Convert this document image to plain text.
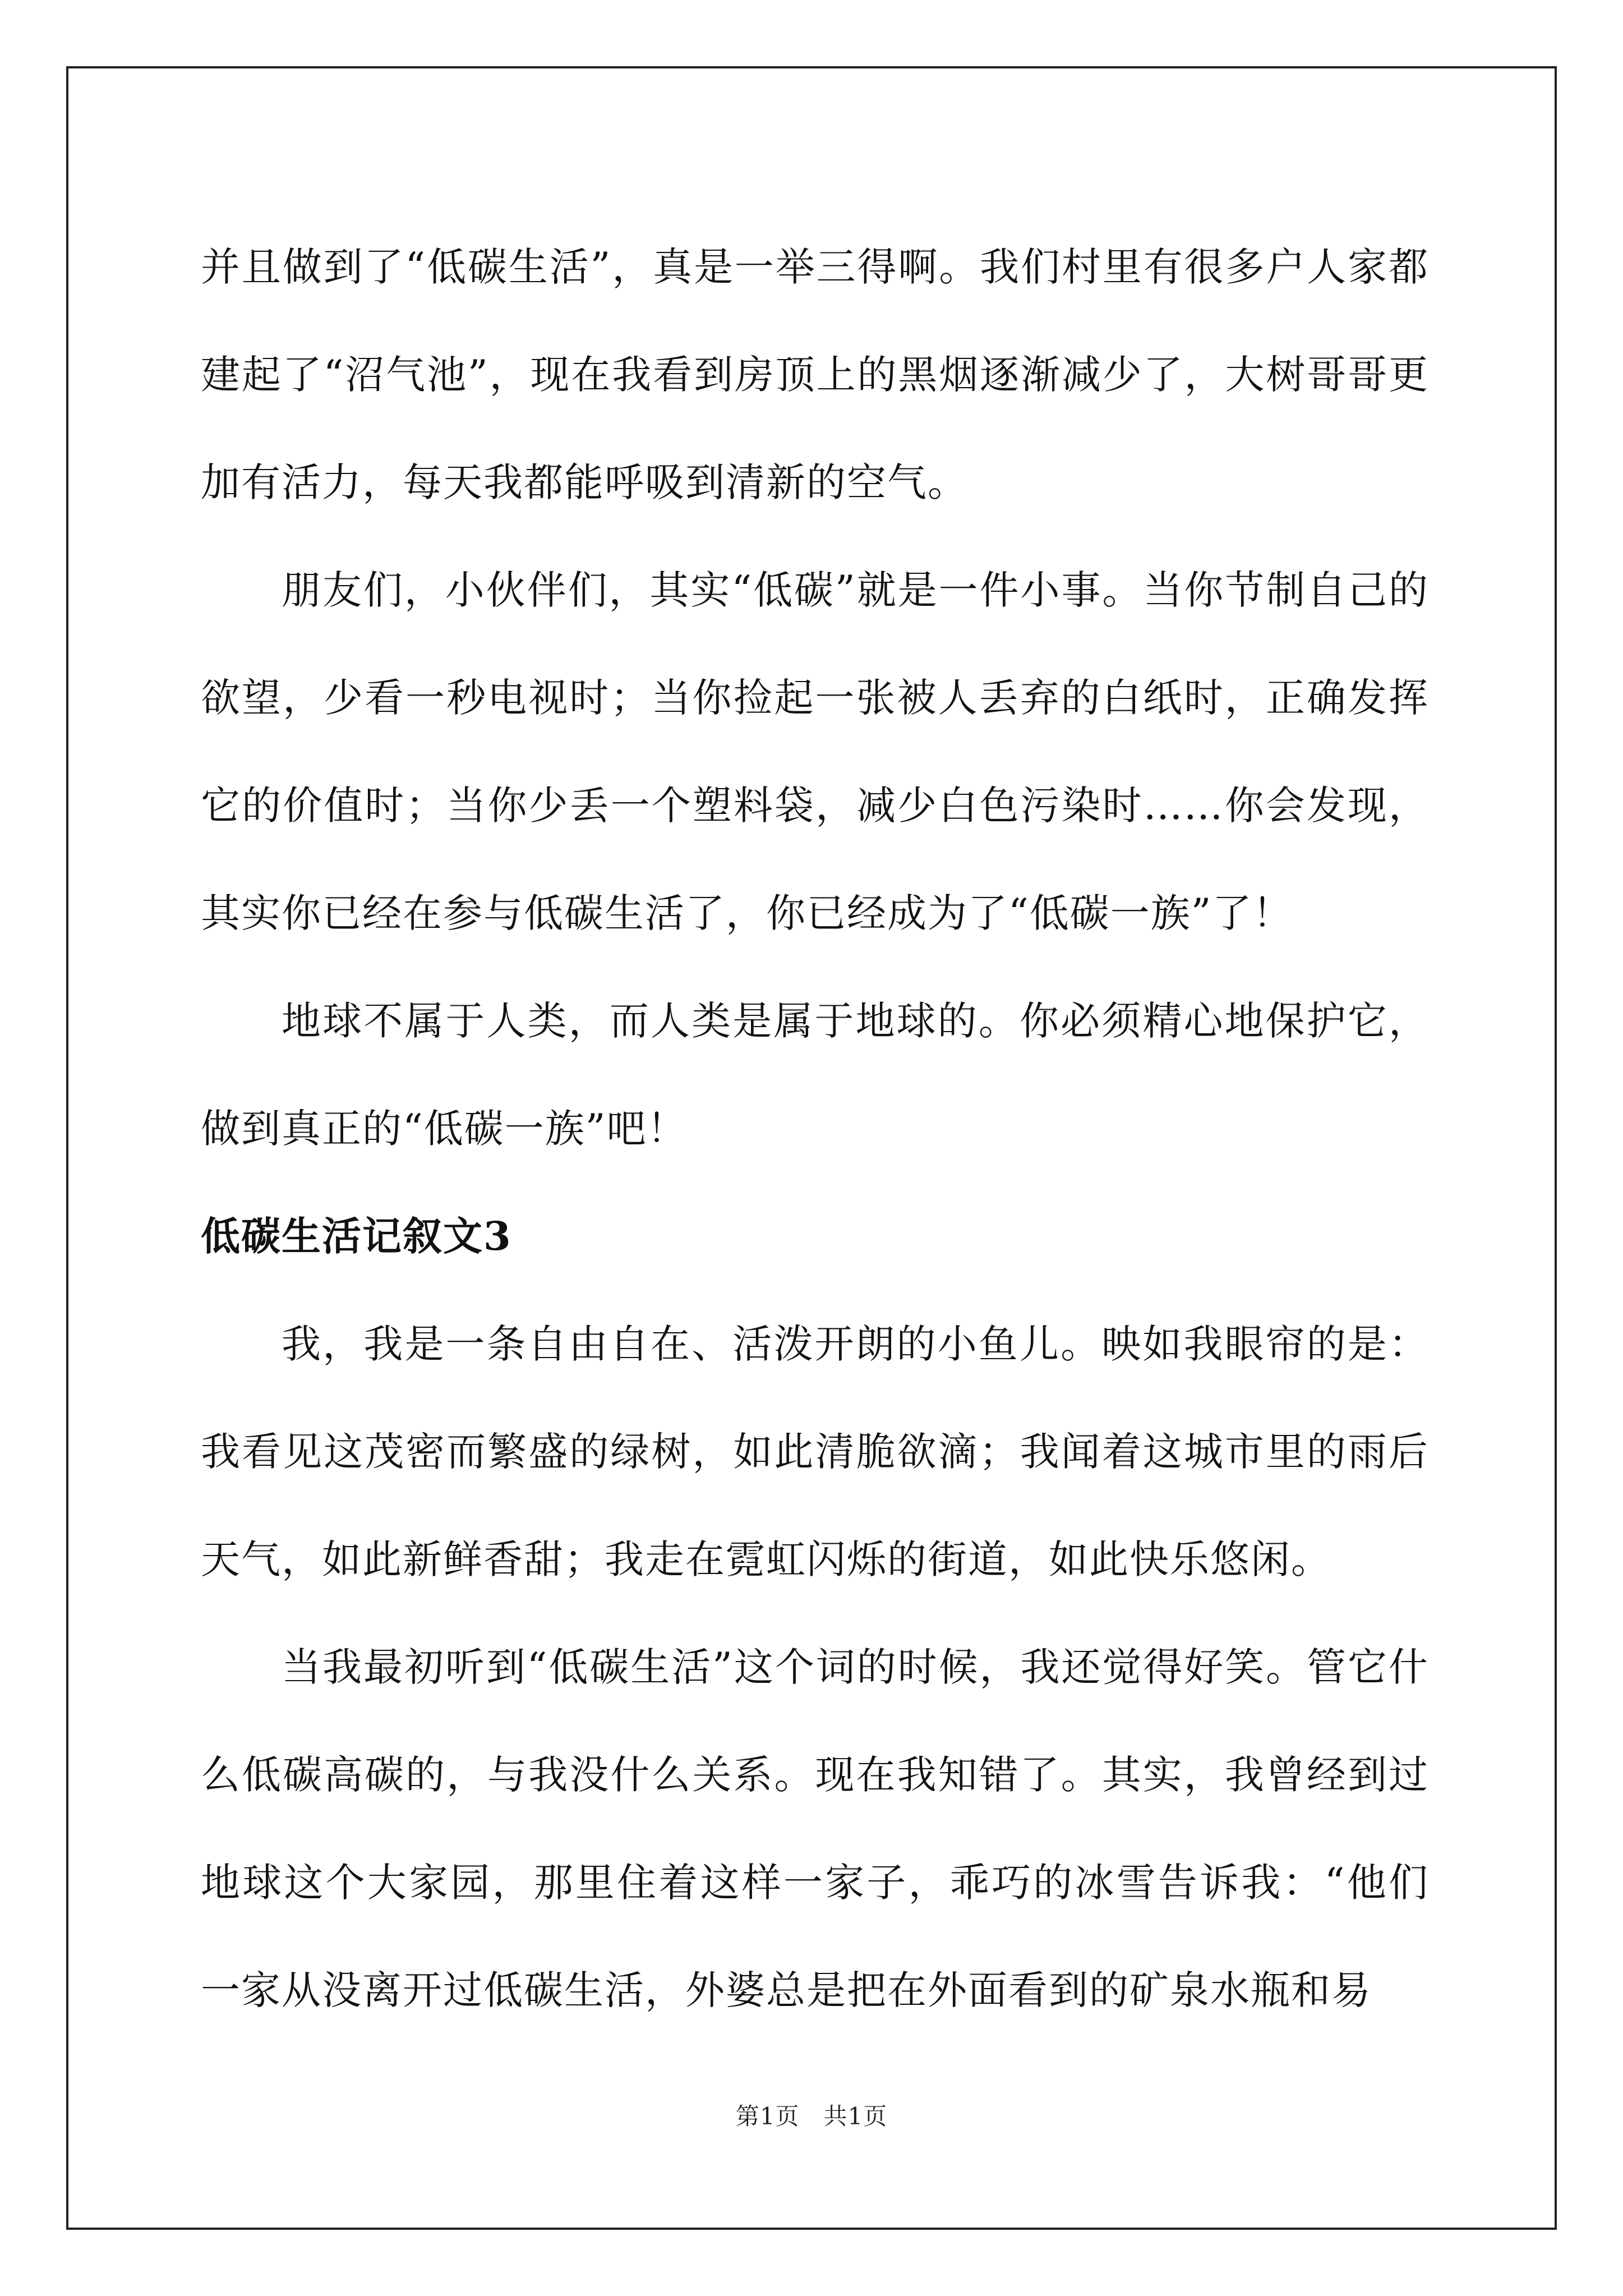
并且做到了“低碳生活”，真是一举三得啊。我们村里有很多户人家都建起了“沼气池”，现在我看到房顶上的黑烟逐渐减少了，大树哥哥更加有活力，每天我都能呼吸到清新的空气。

朋友们，小伙伴们，其实“低碳”就是一件小事。当你节制自己的欲望，少看一秒电视时；当你捡起一张被人丢弃的白纸时，正确发挥它的价值时；当你少丢一个塑料袋，减少白色污染时……你会发现，其实你已经在参与低碳生活了，你已经成为了“低碳一族”了！

地球不属于人类，而人类是属于地球的。你必须精心地保护它，做到真正的“低碳一族”吧！

低碳生活记叙文3

我，我是一条自由自在、活泼开朗的小鱼儿。映如我眼帘的是：我看见这茂密而繁盛的绿树，如此清脆欲滴；我闻着这城市里的雨后天气，如此新鲜香甜；我走在霓虹闪烁的街道，如此快乐悠闲。

当我最初听到“低碳生活”这个词的时候，我还觉得好笑。管它什么低碳高碳的，与我没什么关系。现在我知错了。其实，我曾经到过地球这个大家园，那里住着这样一家子，乖巧的冰雪告诉我：“他们一家从没离开过低碳生活，外婆总是把在外面看到的矿泉水瓶和易

第1页 共1页
